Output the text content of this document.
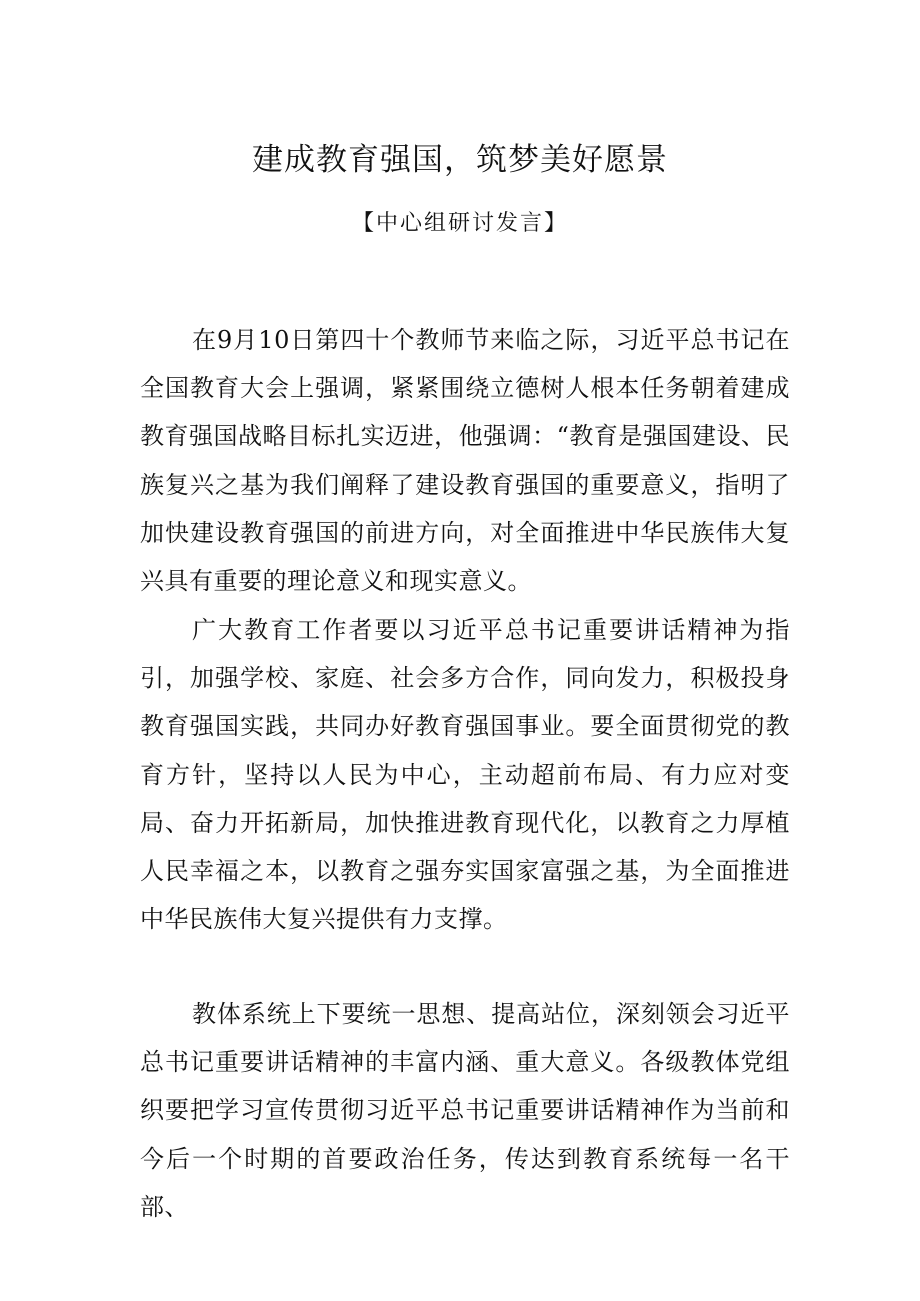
建成教育强国，筑梦美好愿景
【中心组研讨发言】

在9月10日第四十个教师节来临之际，习近平总书记在全国教育大会上强调，紧紧围绕立德树人根本任务朝着建成教育强国战略目标扎实迈进，他强调：“教育是强国建设、民族复兴之基为我们阐释了建设教育强国的重要意义，指明了加快建设教育强国的前进方向，对全面推进中华民族伟大复兴具有重要的理论意义和现实意义。

广大教育工作者要以习近平总书记重要讲话精神为指引，加强学校、家庭、社会多方合作，同向发力，积极投身教育强国实践，共同办好教育强国事业。要全面贯彻党的教育方针，坚持以人民为中心，主动超前布局、有力应对变局、奋力开拓新局，加快推进教育现代化，以教育之力厚植人民幸福之本，以教育之强夯实国家富强之基，为全面推进中华民族伟大复兴提供有力支撑。

教体系统上下要统一思想、提高站位，深刻领会习近平总书记重要讲话精神的丰富内涵、重大意义。各级教体党组织要把学习宣传贯彻习近平总书记重要讲话精神作为当前和今后一个时期的首要政治任务，传达到教育系统每一名干部、
